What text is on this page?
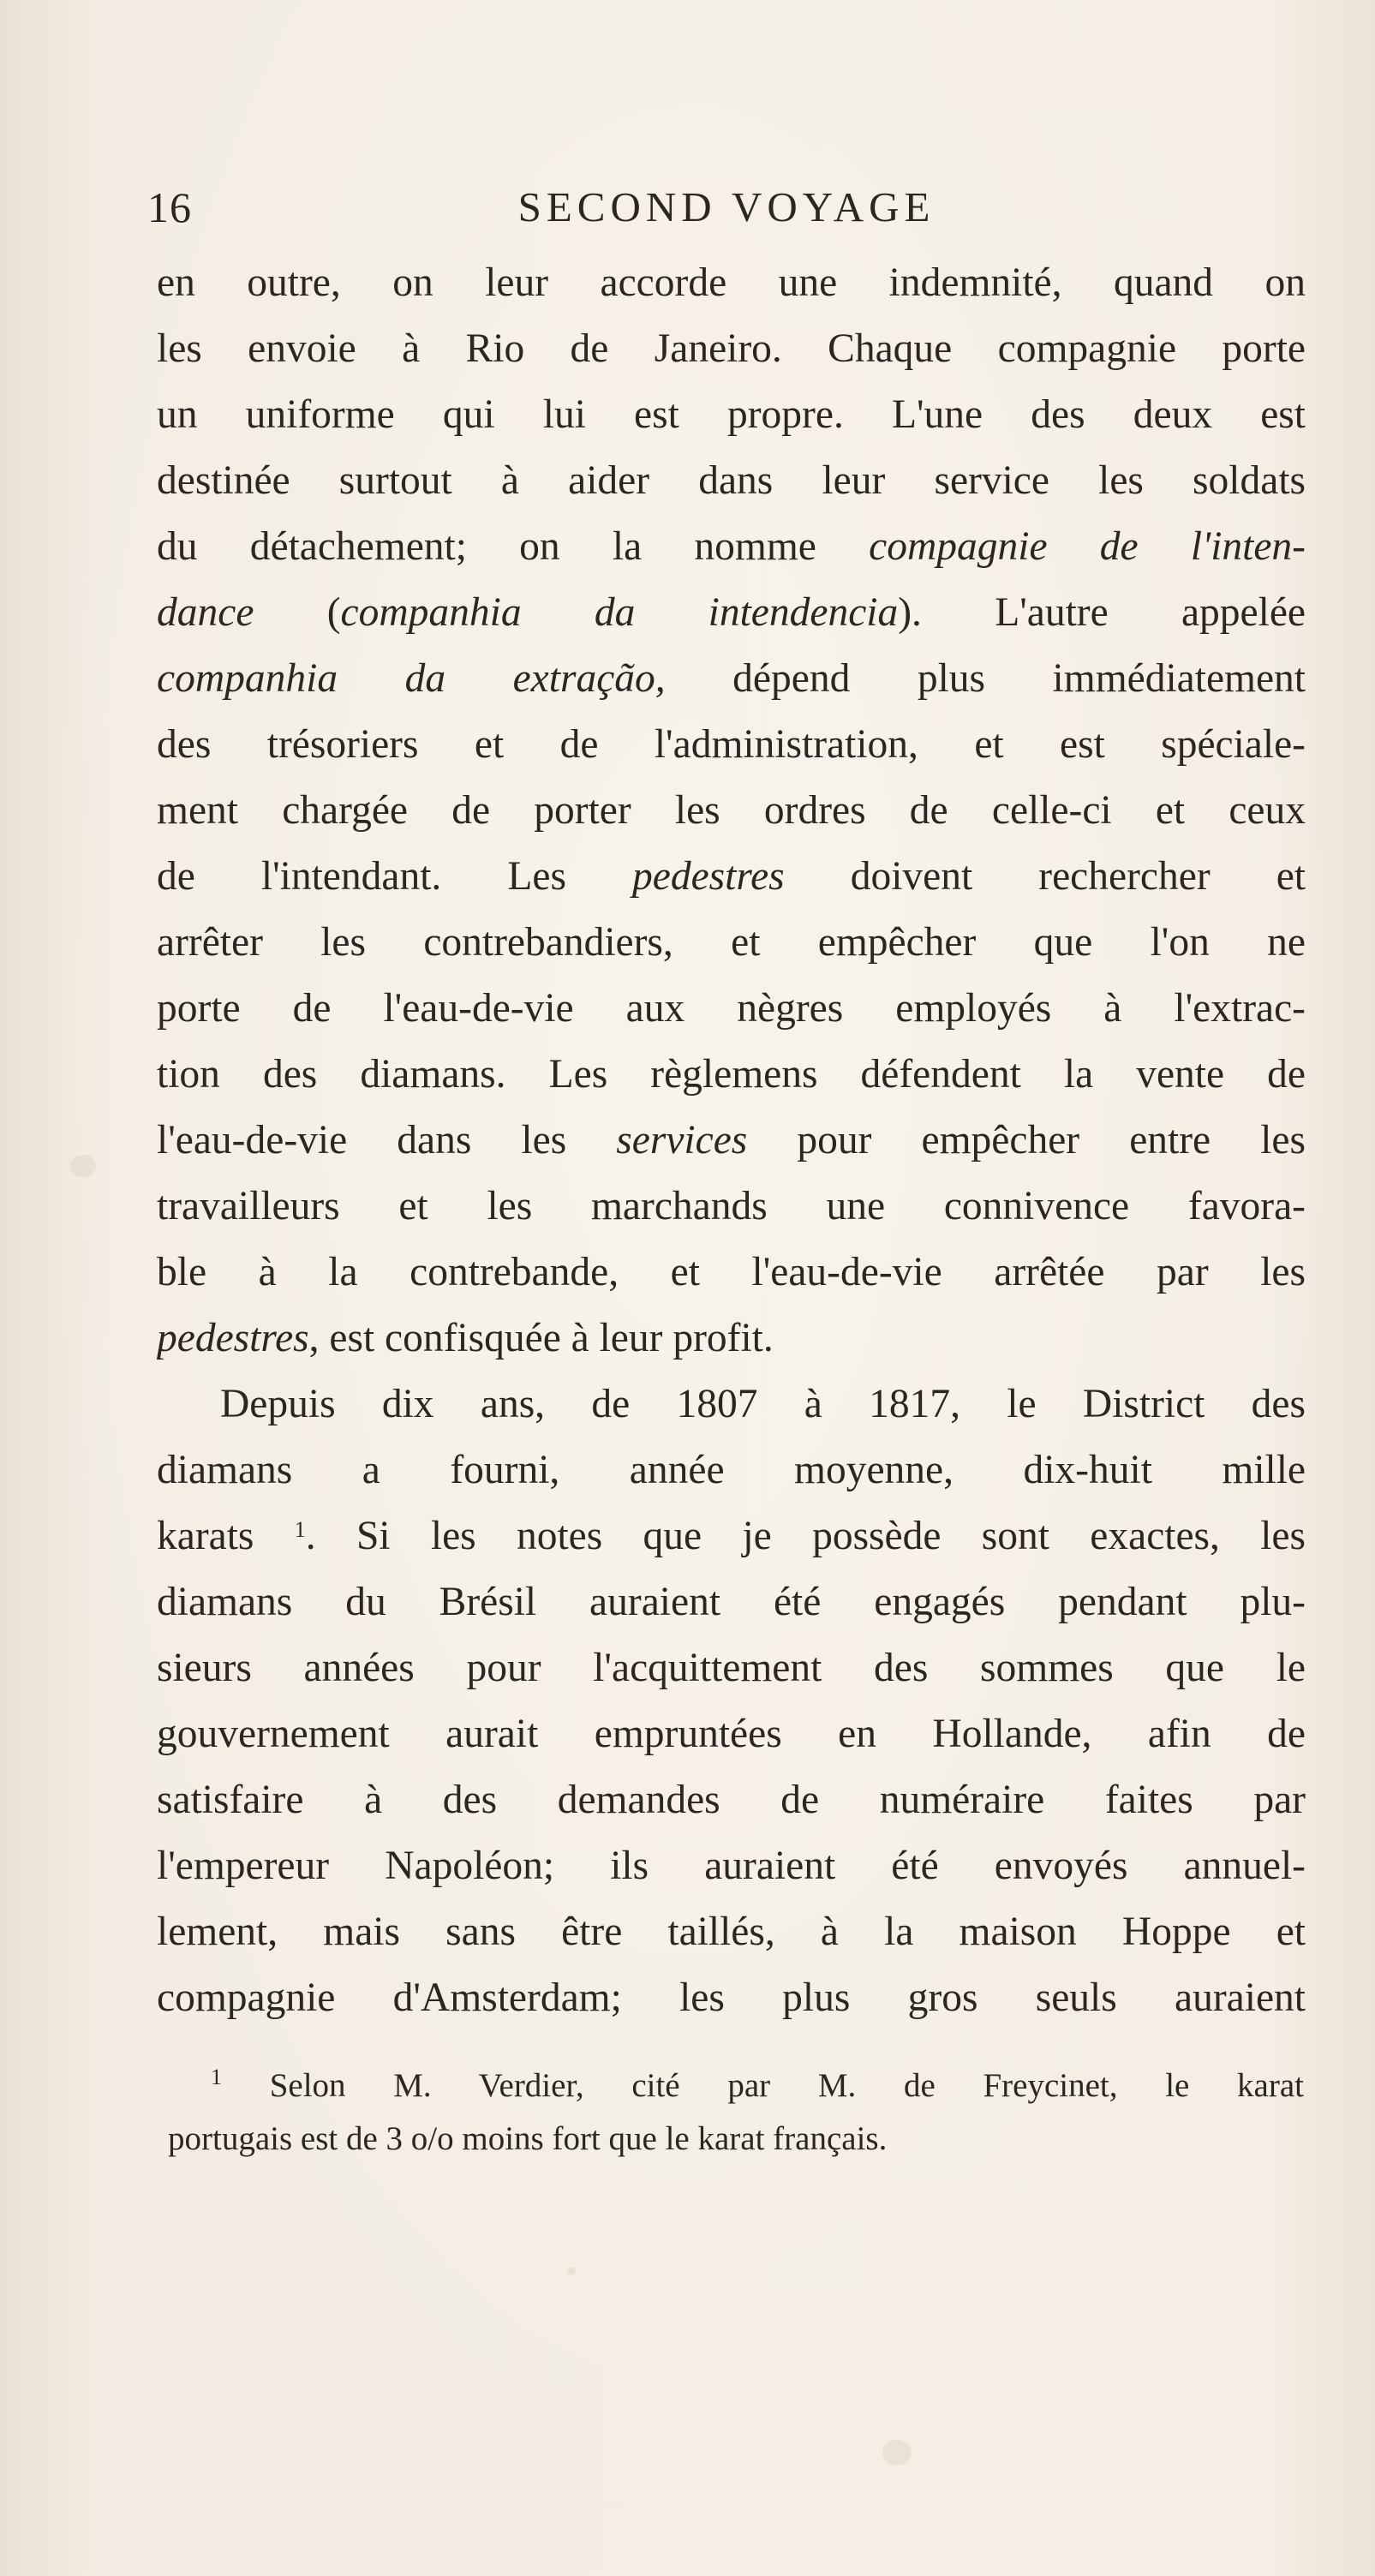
16	SECOND VOYAGE
en outre, on leur accorde une indemnité, quand on
les envoie à Rio de Janeiro. Chaque compagnie porte
un uniforme qui lui est propre. L'une des deux est
destinée surtout à aider dans leur service les soldats
du détachement; on la nomme compagnie de l'inten-
dance (companhia da intendencia). L'autre appelée
companhia da extração, dépend plus immédiatement
des trésoriers et de l'administration, et est spéciale-
ment chargée de porter les ordres de celle-ci et ceux
de l'intendant. Les pedestres doivent rechercher et
arrêter les contrebandiers, et empêcher que l'on ne
porte de l'eau-de-vie aux nègres employés à l'extrac-
tion des diamans. Les règlemens défendent la vente de
l'eau-de-vie dans les services pour empêcher entre les
travailleurs et les marchands une connivence favora-
ble à la contrebande, et l'eau-de-vie arrêtée par les
pedestres, est confisquée à leur profit.
Depuis dix ans, de 1807 à 1817, le District des
diamans a fourni, année moyenne, dix-huit mille
karats $^1$. Si les notes que je possède sont exactes, les
diamans du Brésil auraient été engagés pendant plu-
sieurs années pour l'acquittement des sommes que le
gouvernement aurait empruntées en Hollande, afin de
satisfaire à des demandes de numéraire faites par
l'empereur Napoléon; ils auraient été envoyés annuel-
lement, mais sans être taillés, à la maison Hoppe et
compagnie d'Amsterdam; les plus gros seuls auraient
$^1$ Selon M. Verdier, cité par M. de Freycinet, le karat
portugais est de 3 o/o moins fort que le karat français.
